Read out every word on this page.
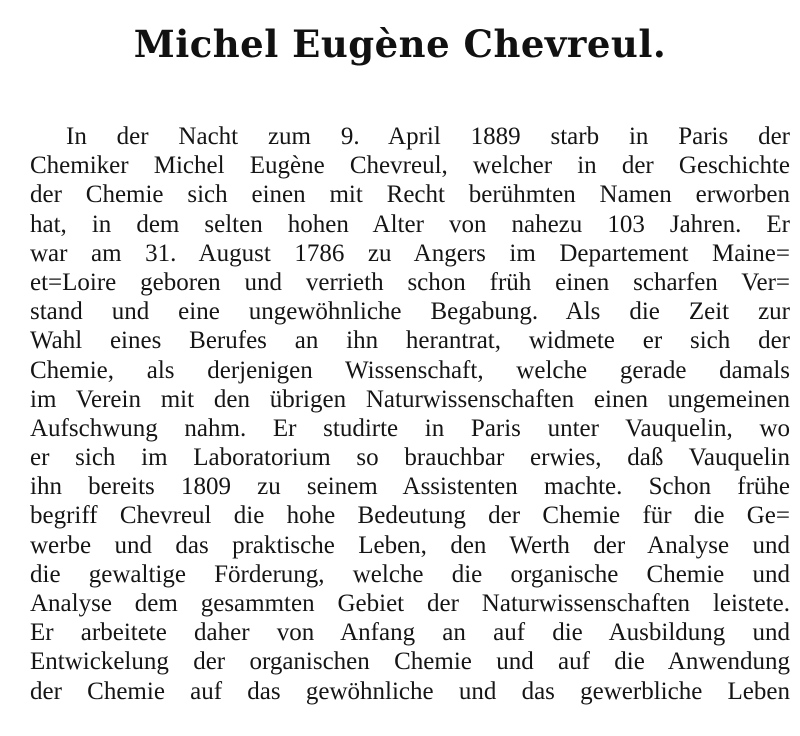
Michel Eugène Chevreul.
In der Nacht zum 9. April 1889 starb in Paris der
Chemiker Michel Eugène Chevreul, welcher in der Geschichte
der Chemie sich einen mit Recht berühmten Namen erworben
hat, in dem selten hohen Alter von nahezu 103 Jahren. Er
war am 31. August 1786 zu Angers im Departement Maine=
et=Loire geboren und verrieth schon früh einen scharfen Ver=
stand und eine ungewöhnliche Begabung. Als die Zeit zur
Wahl eines Berufes an ihn herantrat, widmete er sich der
Chemie, als derjenigen Wissenschaft, welche gerade damals
im Verein mit den übrigen Naturwissenschaften einen ungemeinen
Aufschwung nahm. Er studirte in Paris unter Vauquelin, wo
er sich im Laboratorium so brauchbar erwies, daß Vauquelin
ihn bereits 1809 zu seinem Assistenten machte. Schon frühe
begriff Chevreul die hohe Bedeutung der Chemie für die Ge=
werbe und das praktische Leben, den Werth der Analyse und
die gewaltige Förderung, welche die organische Chemie und
Analyse dem gesammten Gebiet der Naturwissenschaften leistete.
Er arbeitete daher von Anfang an auf die Ausbildung und
Entwickelung der organischen Chemie und auf die Anwendung
der Chemie auf das gewöhnliche und das gewerbliche Leben
